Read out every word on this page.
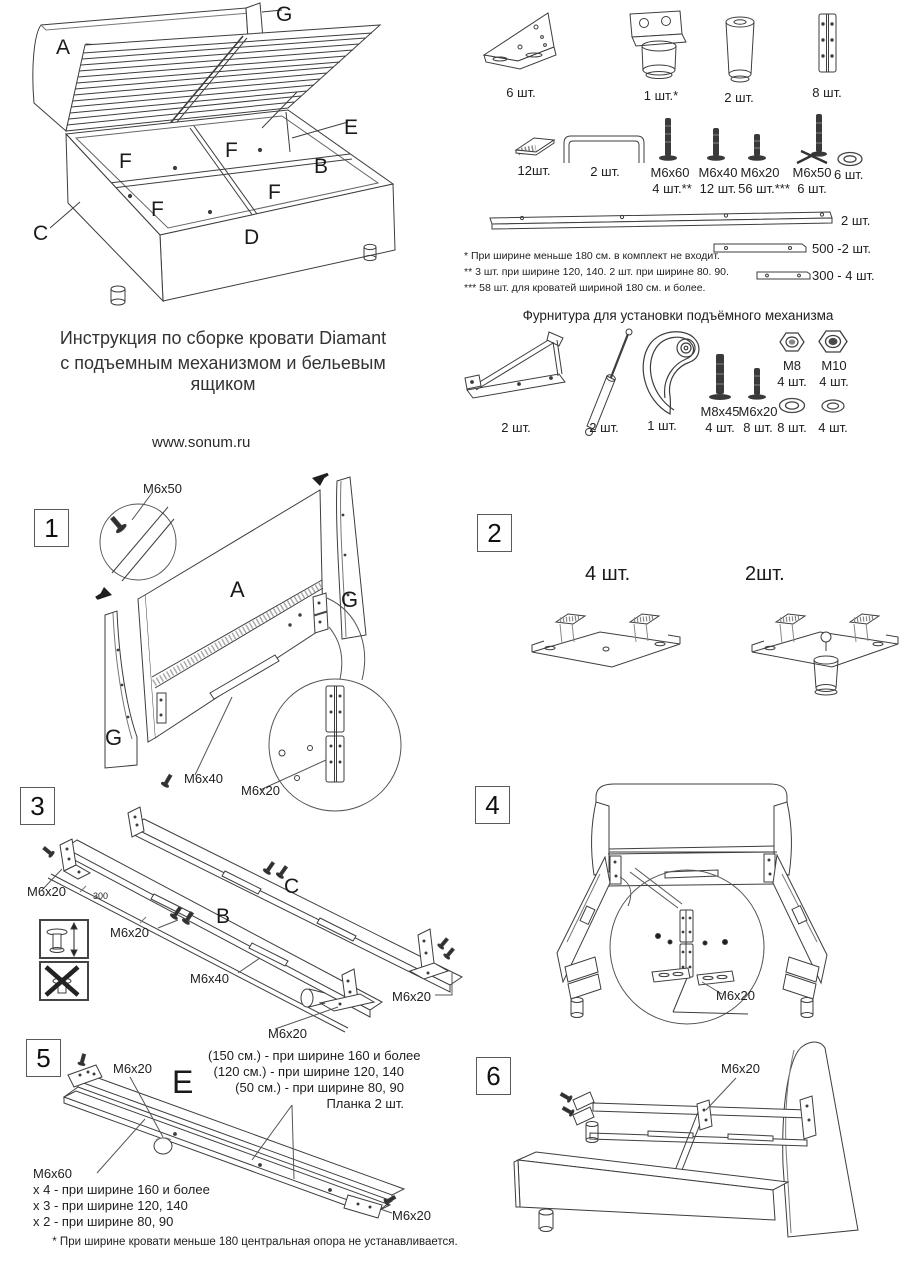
G
A
E
F	F
F
F
B
C	D
6 шт.	1 шт.*	2 шт.	8 шт.
12шт.	2 шт.	M6x60
4 шт.**
M6x40
12 шт.
M6x20
56 шт.***
M6x50
6 шт.
6 шт.
2 шт.
500 -2 шт.
300 - 4 шт.
* При ширине меньше 180 см. в комплект не входит.
** 3 шт. при ширине 120, 140. 2 шт. при ширине 80. 90.
*** 58 шт. для кроватей шириной 180 см. и более.
Фурнитура для установки подъёмного механизма
2 шт.	2 шт.	1 шт.
M8x45
4 шт.
M6x20
8 шт.
M8
4 шт.
M10
4 шт.
8 шт. 4 шт.
Инструкция по сборке кровати Diamant
с подъемным механизмом и бельевым ящиком
www.sonum.ru
1
M6x50
A	G
G
M6x40
M6x20
2
4 шт.	2шт.
3
M6x20	300
M6x20
B
C
M6x40
M6x20
M6x20
4
M6x20
5	M6x20 E
(150 см.) - при ширине 160 и более
(120 см.) - при ширине 120, 140
(50 см.) - при ширине 80, 90
Планка 2 шт.
M6x60
x 4 - при ширине 160 и более
x 3 - при ширине 120, 140
x 2 - при ширине 80, 90	M6x20
* При ширине кровати меньше 180 центральная опора не устанавливается.
6	M6x20
